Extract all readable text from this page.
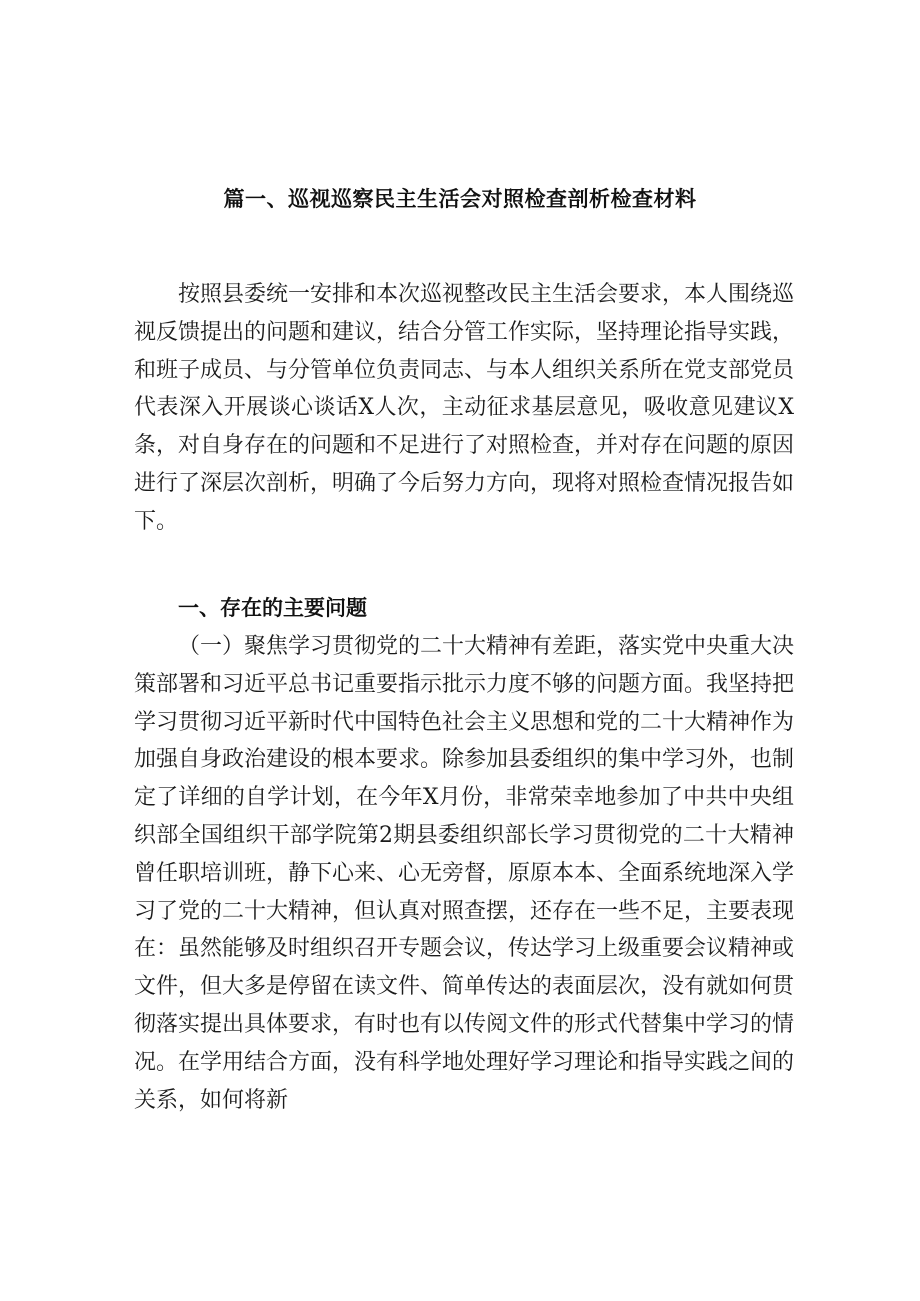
篇一、巡视巡察民主生活会对照检查剖析检查材料

按照县委统一安排和本次巡视整改民主生活会要求，本人围绕巡视反馈提出的问题和建议，结合分管工作实际，坚持理论指导实践，和班子成员、与分管单位负责同志、与本人组织关系所在党支部党员代表深入开展谈心谈话X人次，主动征求基层意见，吸收意见建议X条，对自身存在的问题和不足进行了对照检查，并对存在问题的原因进行了深层次剖析，明确了今后努力方向，现将对照检查情况报告如下。

一、存在的主要问题

（一）聚焦学习贯彻党的二十大精神有差距，落实党中央重大决策部署和习近平总书记重要指示批示力度不够的问题方面。我坚持把学习贯彻习近平新时代中国特色社会主义思想和党的二十大精神作为加强自身政治建设的根本要求。除参加县委组织的集中学习外，也制定了详细的自学计划，在今年X月份，非常荣幸地参加了中共中央组织部全国组织干部学院第2期县委组织部长学习贯彻党的二十大精神曾任职培训班，静下心来、心无旁督，原原本本、全面系统地深入学习了党的二十大精神，但认真对照查摆，还存在一些不足，主要表现在：虽然能够及时组织召开专题会议，传达学习上级重要会议精神或文件，但大多是停留在读文件、简单传达的表面层次，没有就如何贯彻落实提出具体要求，有时也有以传阅文件的形式代替集中学习的情况。在学用结合方面，没有科学地处理好学习理论和指导实践之间的关系，如何将新
